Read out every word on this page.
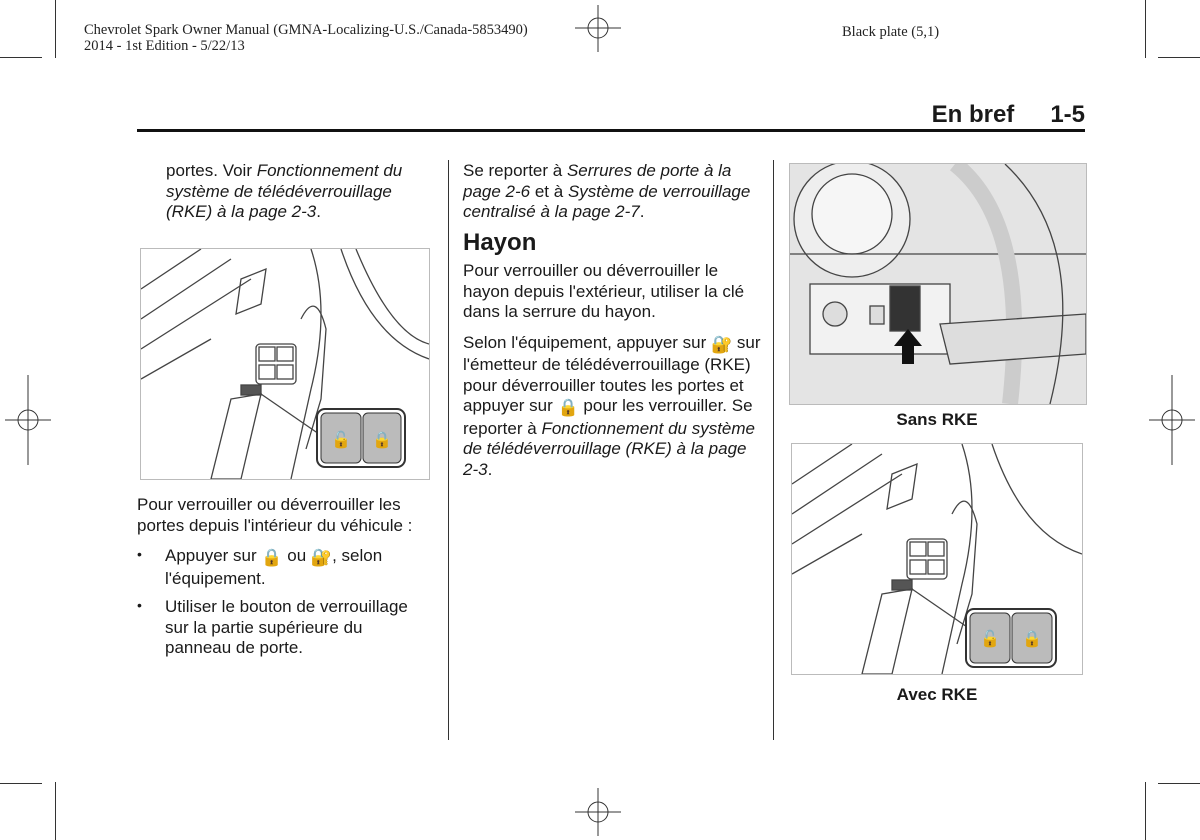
Chevrolet Spark Owner Manual (GMNA-Localizing-U.S./Canada-5853490)
2014 - 1st Edition - 5/22/13
Black plate (5,1)
En bref 1-5
portes. Voir Fonctionnement du système de télédéverrouillage (RKE) à la page 2-3.
🔓 🔒

Pour verrouiller ou déverrouiller les portes depuis l'intérieur du véhicule :

• Appuyer sur 🔒 ou 🔐, selon l'équipement.
• Utiliser le bouton de verrouillage sur la partie supérieure du panneau de porte.

Se reporter à Serrures de porte à la page 2-6 et à Système de verrouillage centralisé à la page 2-7.

Hayon

Pour verrouiller ou déverrouiller le hayon depuis l'extérieur, utiliser la clé dans la serrure du hayon.

Selon l'équipement, appuyer sur 🔐 sur l'émetteur de télédéverrouillage (RKE) pour déverrouiller toutes les portes et appuyer sur 🔒 pour les verrouiller. Se reporter à Fonctionnement du système de télédéverrouillage (RKE) à la page 2-3.

Sans RKE
🔓 🔒
Avec RKE
